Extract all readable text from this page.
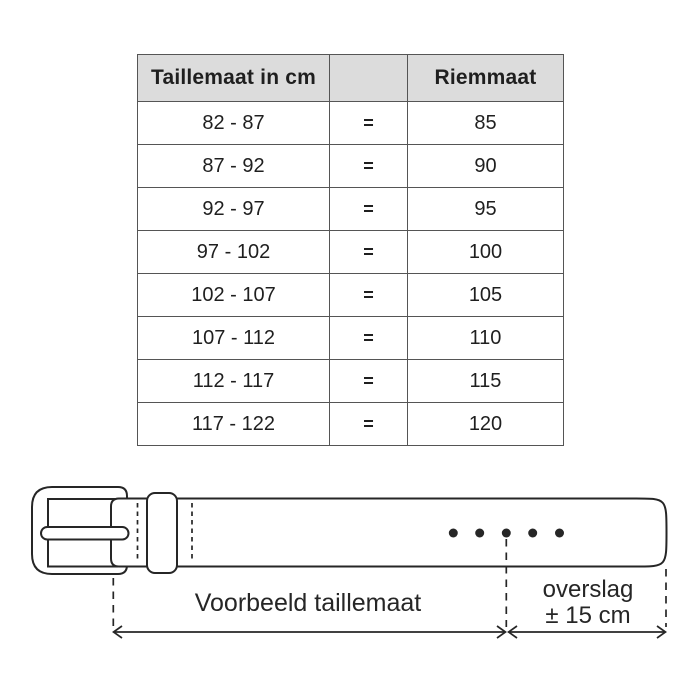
Taillemaat in cm		Riemmaat
82 - 87	=	85
87 - 92	=	90
92 - 97	=	95
97 - 102	=	100
102 - 107	=	105
107 - 112	=	110
112 - 117	=	115
117 - 122	=	120
Voorbeeld taillemaat	overslag
± 15 cm
